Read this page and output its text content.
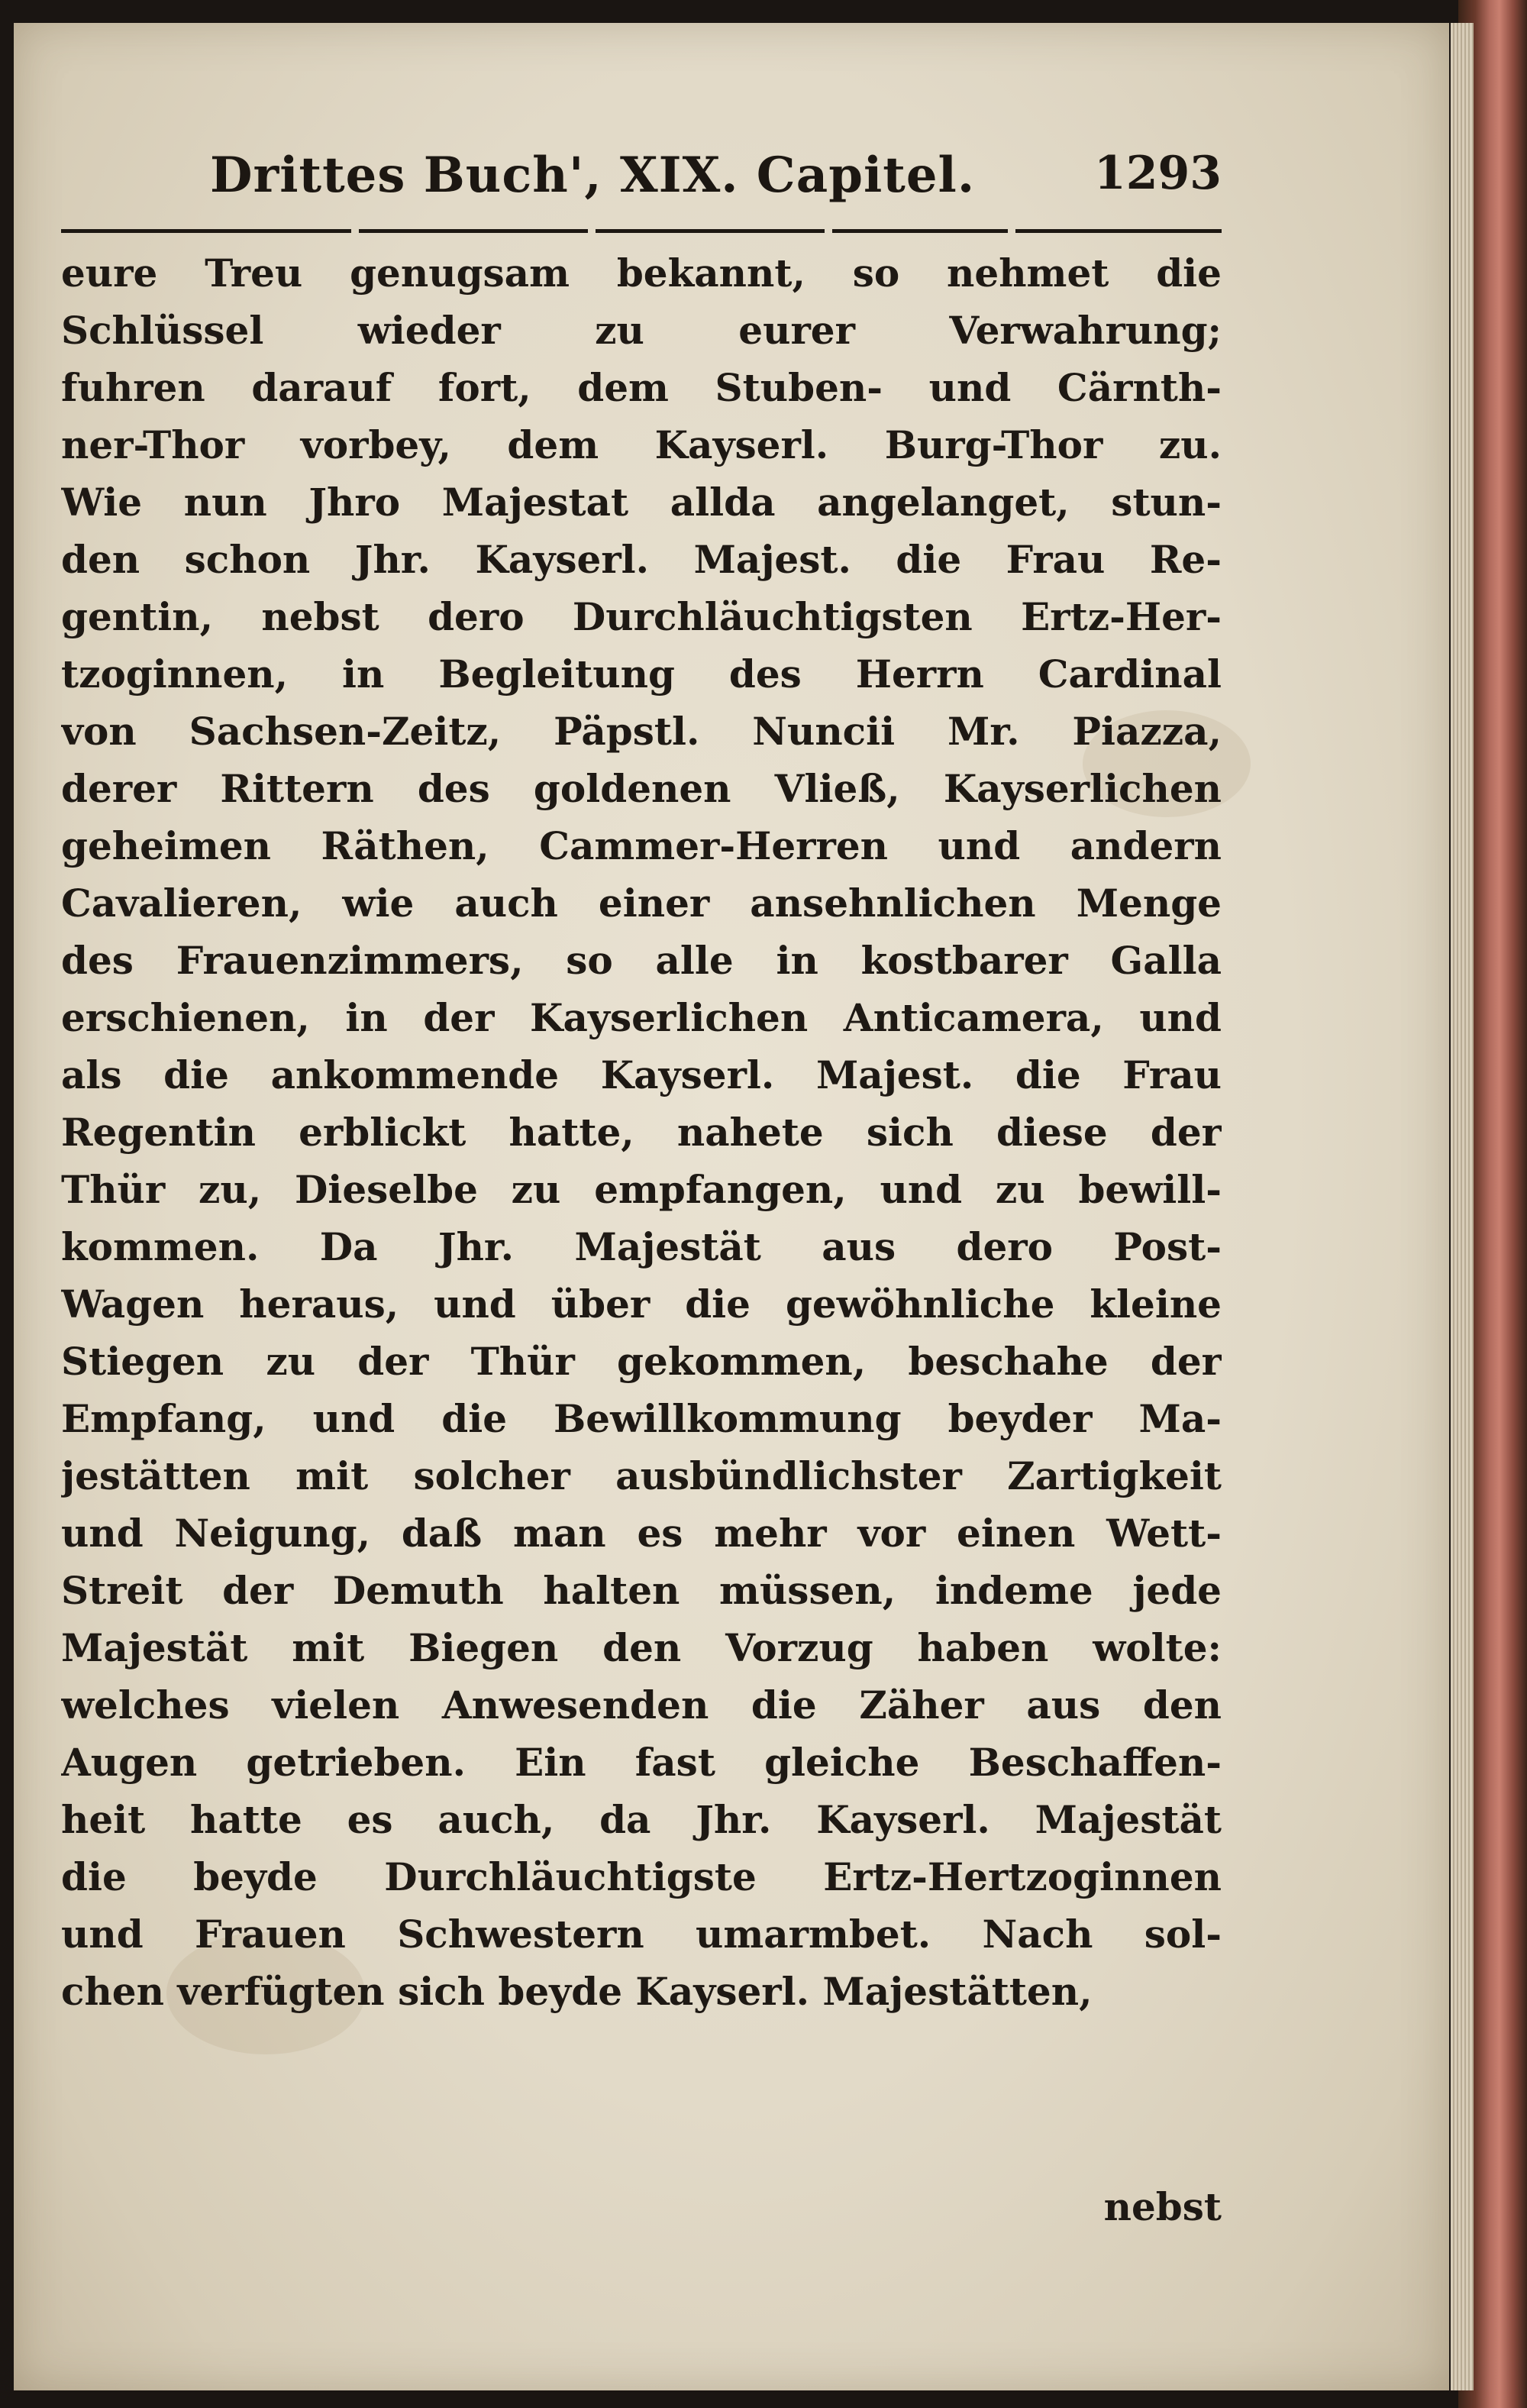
Drittes Buch', XIX. Capitel.	1293
eure Treu genugsam bekannt, so nehmet die
Schlüssel wieder zu eurer Verwahrung;
fuhren darauf fort, dem Stuben- und Cärnth-
ner-Thor vorbey, dem Kayserl. Burg-Thor zu.
Wie nun Jhro Majestat allda angelanget, stun-
den schon Jhr. Kayserl. Majest. die Frau Re-
gentin, nebst dero Durchläuchtigsten Ertz-Her-
tzoginnen, in Begleitung des Herrn Cardinal
von Sachsen-Zeitz, Päpstl. Nuncii Mr. Piazza,
derer Rittern des goldenen Vließ, Kayserlichen
geheimen Räthen, Cammer-Herren und andern
Cavalieren, wie auch einer ansehnlichen Menge
des Frauenzimmers, so alle in kostbarer Galla
erschienen, in der Kayserlichen Anticamera, und
als die ankommende Kayserl. Majest. die Frau
Regentin erblickt hatte, nahete sich diese der
Thür zu, Dieselbe zu empfangen, und zu bewill-
kommen. Da Jhr. Majestät aus dero Post-
Wagen heraus, und über die gewöhnliche kleine
Stiegen zu der Thür gekommen, beschahe der
Empfang, und die Bewillkommung beyder Ma-
jestätten mit solcher ausbündlichster Zartigkeit
und Neigung, daß man es mehr vor einen Wett-
Streit der Demuth halten müssen, indeme jede
Majestät mit Biegen den Vorzug haben wolte:
welches vielen Anwesenden die Zäher aus den
Augen getrieben. Ein fast gleiche Beschaffen-
heit hatte es auch, da Jhr. Kayserl. Majestät
die beyde Durchläuchtigste Ertz-Hertzoginnen
und Frauen Schwestern umarmbet. Nach sol-
chen verfügten sich beyde Kayserl. Majestätten,
nebst
